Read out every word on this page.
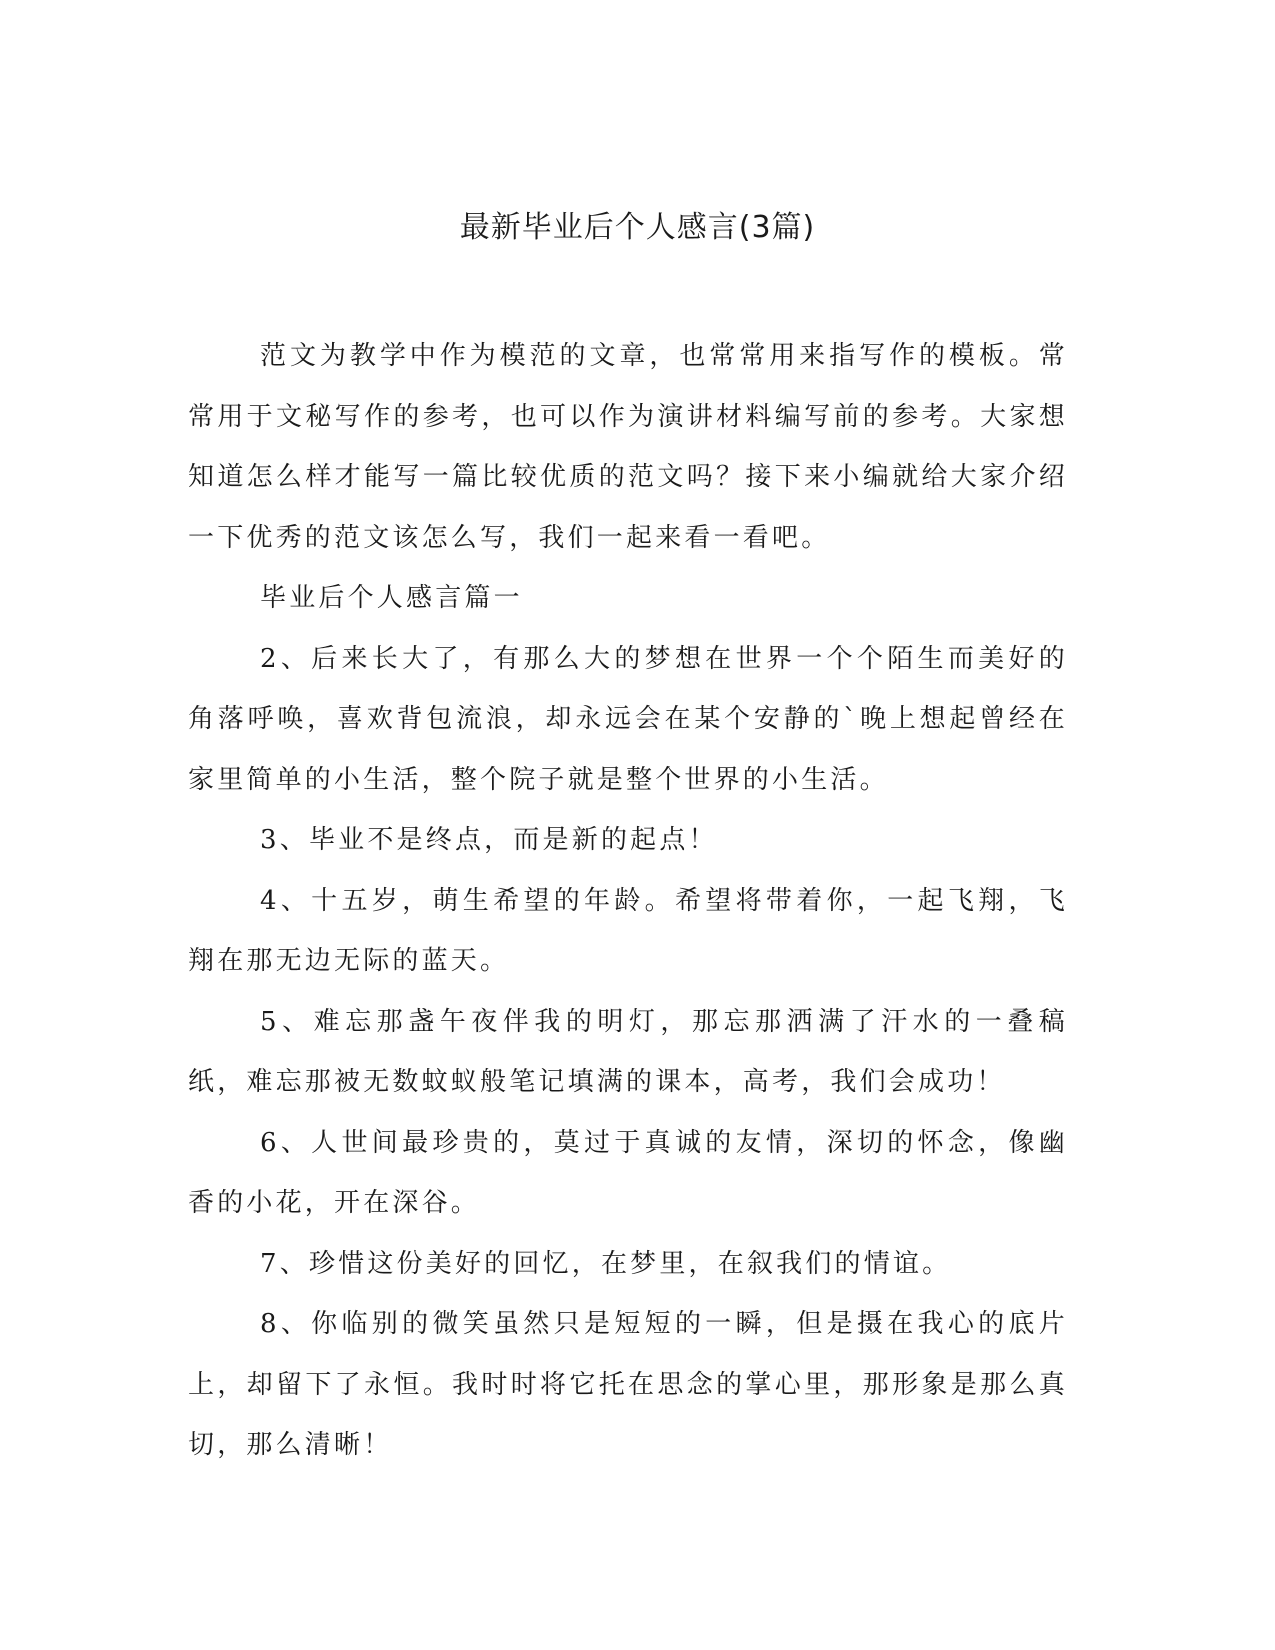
最新毕业后个人感言(3篇)

范文为教学中作为模范的文章，也常常用来指写作的模板。常常用于文秘写作的参考，也可以作为演讲材料编写前的参考。大家想知道怎么样才能写一篇比较优质的范文吗？接下来小编就给大家介绍一下优秀的范文该怎么写，我们一起来看一看吧。

毕业后个人感言篇一

2、后来长大了，有那么大的梦想在世界一个个陌生而美好的角落呼唤，喜欢背包流浪，却永远会在某个安静的`晚上想起曾经在家里简单的小生活，整个院子就是整个世界的小生活。

3、毕业不是终点，而是新的起点！

4、十五岁，萌生希望的年龄。希望将带着你，一起飞翔，飞翔在那无边无际的蓝天。

5、难忘那盏午夜伴我的明灯，那忘那洒满了汗水的一叠稿纸，难忘那被无数蚊蚁般笔记填满的课本，高考，我们会成功！

6、人世间最珍贵的，莫过于真诚的友情，深切的怀念，像幽香的小花，开在深谷。

7、珍惜这份美好的回忆，在梦里，在叙我们的情谊。

8、你临别的微笑虽然只是短短的一瞬，但是摄在我心的底片上，却留下了永恒。我时时将它托在思念的掌心里，那形象是那么真切，那么清晰！
